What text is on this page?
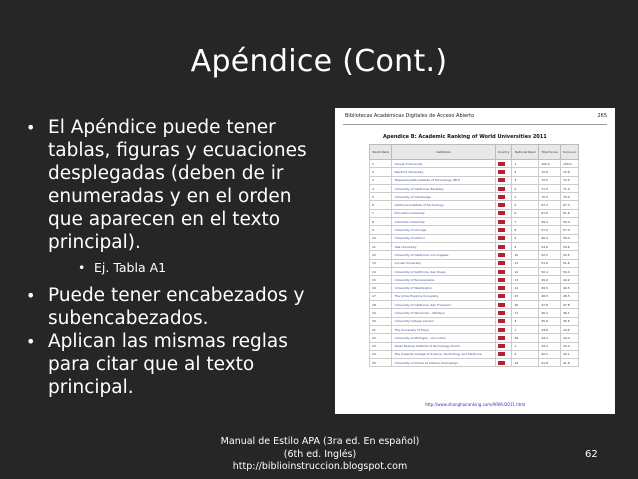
Apéndice (Cont.)
• El Apéndice puede tener tablas, figuras y ecuaciones desplegadas (deben de ir enumeradas y en el orden que aparecen en el texto principal).
• Ej. Tabla A1
• Puede tener encabezados y subencabezados.
• Aplican las mismas reglas para citar que al texto principal.
Bibliotecas Académicas Digitales de Acceso Abierto	265
Apendice B: Academic Ranking of World Universities 2011
World Rank	Institution	Country	National Rank	Total Score	Score on
1	Harvard University		1	100.0	100.0
2	Stanford University		2	72.6	72.6
3	Massachusetts Institute of Technology (MIT)		3	72.5	72.5
4	University of California, Berkeley		4	71.9	71.9
5	University of Cambridge		1	70.0	70.0
6	California Institute of Technology		5	67.3	67.3
7	Princeton University		6	61.6	61.6
8	Columbia University		7	59.4	59.4
9	University of Chicago		8	57.0	57.0
10	University of Oxford		2	56.4	56.4
11	Yale University		9	54.6	54.6
12	University of California, Los Angeles		10	52.5	52.5
13	Cornell University		11	51.6	51.6
14	University of California, San Diego		12	50.4	50.4
15	University of Pennsylvania		13	49.9	49.9
16	University of Washington		14	49.5	49.5
17	The Johns Hopkins University		15	48.5	48.5
18	University of California, San Francisco		16	47.8	47.8
19	University of Wisconsin - Madison		17	46.1	46.1
20	University College London		3	45.6	45.6
21	The University of Tokyo		1	44.6	44.6
22	University of Michigan - Ann Arbor		18	44.4	44.4
23	Swiss Federal Institute of Technology Zurich		1	43.2	43.2
24	The Imperial College of Science, Technology and Medicine		4	42.1	42.1
25	University of Illinois at Urbana-Champaign		19	41.8	41.8
http://www.shanghairanking.com/ARWU2011.html
Manual de Estilo APA (3ra ed. En español)
(6th ed. Inglés)
http://biblioinstruccion.blogspot.com
62
